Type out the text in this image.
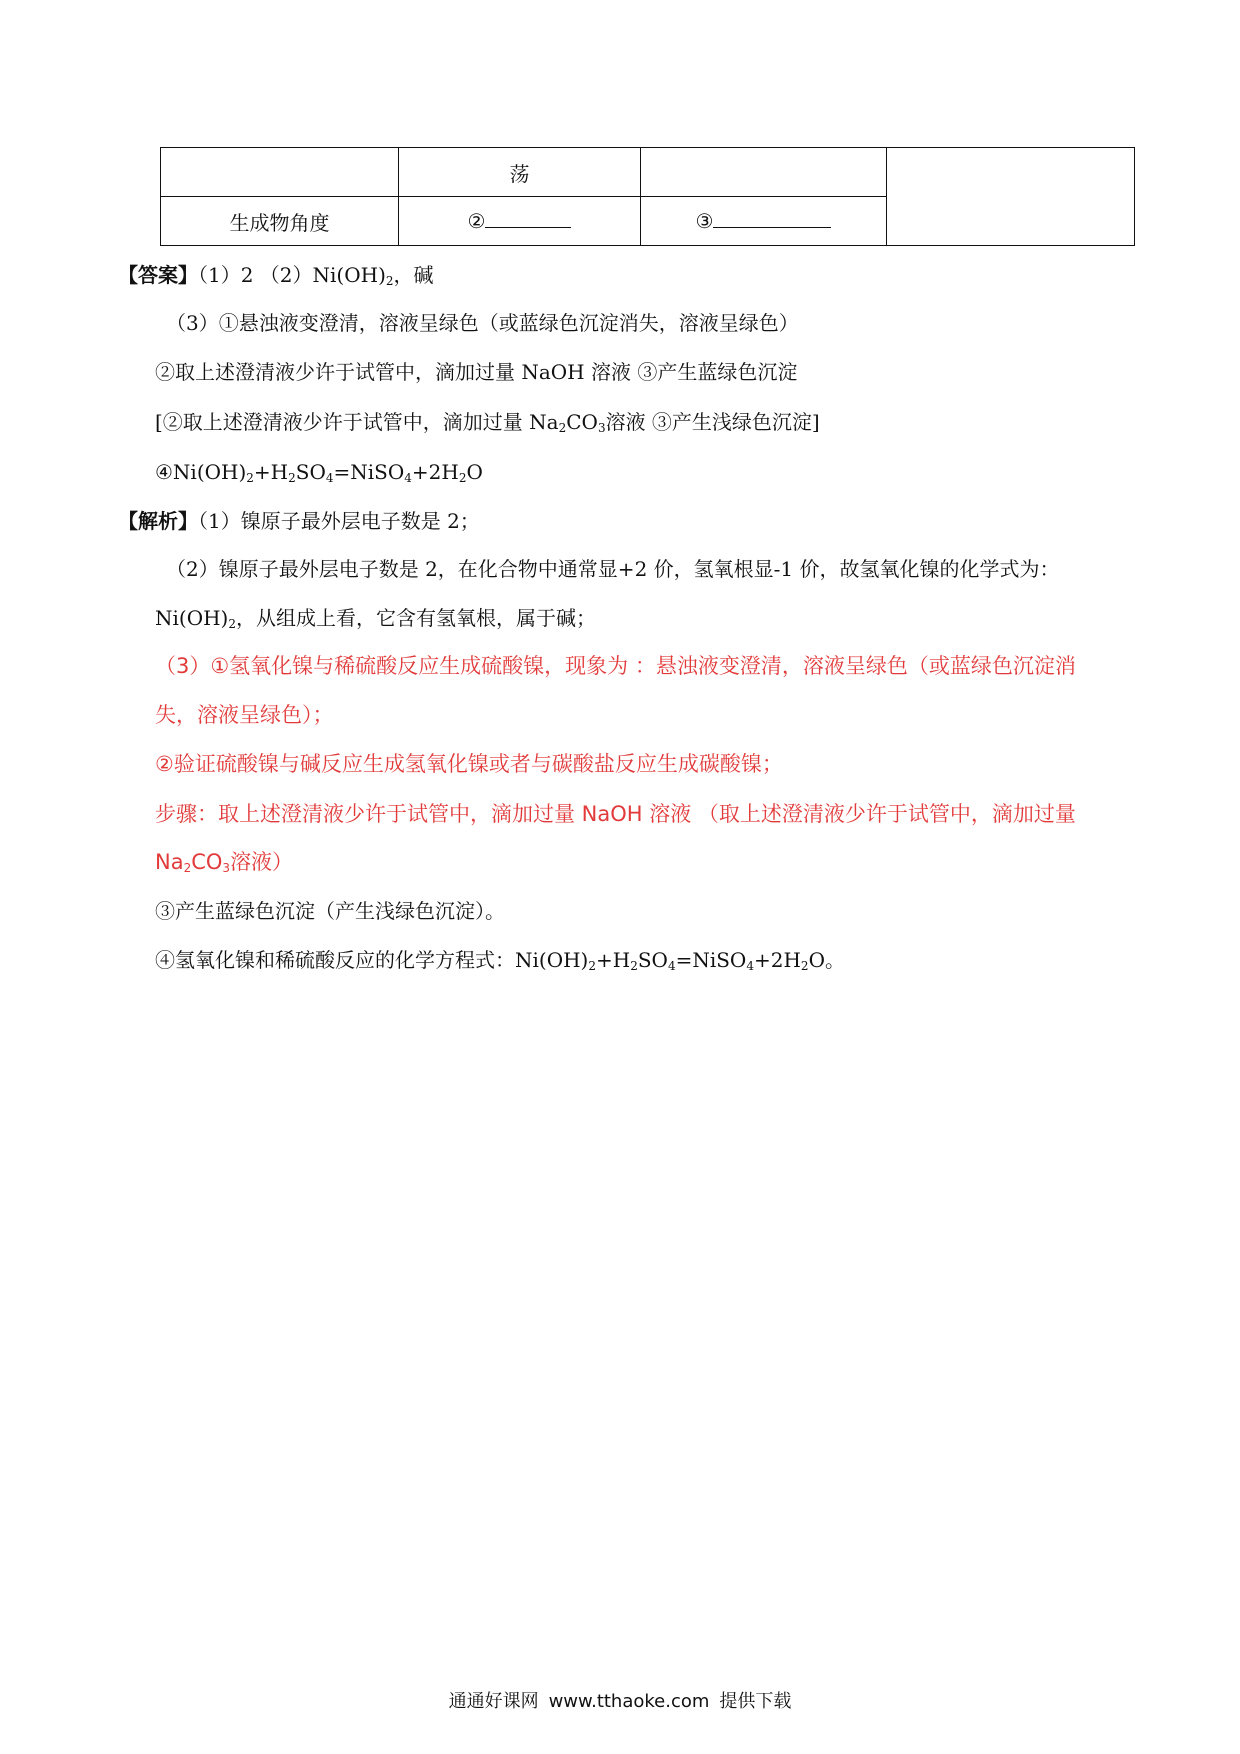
	荡		
生成物角度	②	③	
【答案】（1）2 $(2)Ni(OH)_2$，碱
（3）①悬浊液变澄清，溶液呈绿色（或蓝绿色沉淀消失，溶液呈绿色）
②取上述澄清液少许于试管中，滴加过量 NaOH 溶液 ③产生蓝绿色沉淀
[②取上述澄清液少许于试管中，滴加过量 $Na_2CO_3$溶液 ③产生浅绿色沉淀]
$④Ni(OH)_2+H_2SO_4=NiSO_4+2H_2O$
【解析】（1）镍原子最外层电子数是 2；
（2）镍原子最外层电子数是 2，在化合物中通常显+2 价，氢氧根显-1 价，故氢氧化镍的化学式为：
$Ni(OH)_2$，从组成上看，它含有氢氧根，属于碱；
（3）①氢氧化镍与稀硫酸反应生成硫酸镍，现象为 ：悬浊液变澄清，溶液呈绿色（或蓝绿色沉淀消
失，溶液呈绿色）；
②验证硫酸镍与碱反应生成氢氧化镍或者与碳酸盐反应生成碳酸镍；
步骤：取上述澄清液少许于试管中，滴加过量 NaOH 溶液 （取上述澄清液少许于试管中，滴加过量
$Na_2CO_3$溶液）
③产生蓝绿色沉淀（产生浅绿色沉淀）。
④氢氧化镍和稀硫酸反应的化学方程式：$Ni(OH)_2+H_2SO_4=NiSO_4+2H_2O$。
通通好课网 www.tthaoke.com 提供下载
